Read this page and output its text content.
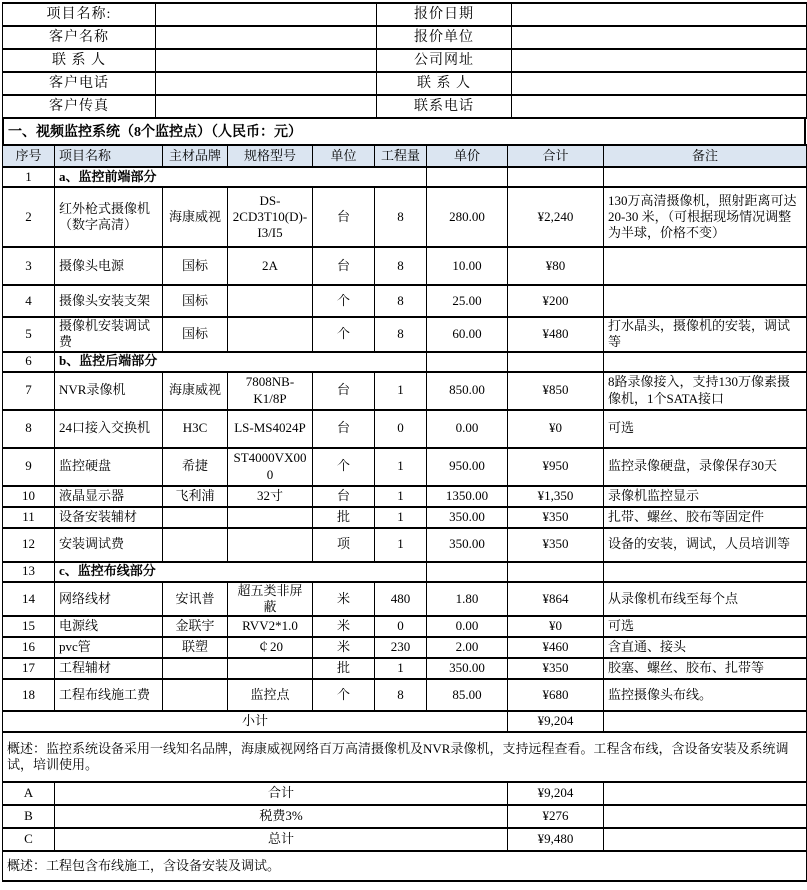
项目名称:		报价日期	
客户名称		报价单位	
联 系 人		公司网址	
客户电话		联 系 人	
客户传真		联系电话	
一、视频监控系统（8个监控点）（人民币：元）
序号	项目名称	主材品牌	规格型号	单位	工程量	单价	合计	备注
1	a、监控前端部分							
2	红外枪式摄像机（数字高清）	海康威视	DS-2CD3T10(D)-I3/I5	台	8	280.00	¥2,240	130万高清摄像机，照射距离可达20-30 米，（可根据现场情况调整为半球，价格不变）
3	摄像头电源	国标	2A	台	8	10.00	¥80	
4	摄像头安装支架	国标		个	8	25.00	¥200	
5	摄像机安装调试费	国标		个	8	60.00	¥480	打水晶头，摄像机的安装，调试等
6	b、监控后端部分							
7	NVR录像机	海康威视	7808NB-K1/8P	台	1	850.00	¥850	8路录像接入，支持130万像素摄像机，1个SATA接口
8	24口接入交换机	H3C	LS-MS4024P	台	0	0.00	¥0	可选
9	监控硬盘	希捷	ST4000VX000	个	1	950.00	¥950	监控录像硬盘，录像保存30天
10	液晶显示器	飞利浦	32寸	台	1	1350.00	¥1,350	录像机监控显示
11	设备安装辅材			批	1	350.00	¥350	扎带、螺丝、胶布等固定件
12	安装调试费			项	1	350.00	¥350	设备的安装，调试，人员培训等
13	c、监控布线部分							
14	网络线材	安讯普	超五类非屏蔽	米	480	1.80	¥864	从录像机布线至每个点
15	电源线	金联宇	RVV2*1.0	米	0	0.00	¥0	可选
16	pvc管	联塑	￠20	米	230	2.00	¥460	含直通、接头
17	工程辅材			批	1	350.00	¥350	胶塞、螺丝、胶布、扎带等
18	工程布线施工费		监控点	个	8	85.00	¥680	监控摄像头布线。
小计							¥9,204	
概述：监控系统设备采用一线知名品牌，海康威视网络百万高清摄像机及NVR录像机，支持远程查看。工程含布线，含设备安装及系统调试，培训使用。								
A	合计						¥9,204	
B	税费3%						¥276	
C	总计						¥9,480	
概述：工程包含布线施工，含设备安装及调试。								
